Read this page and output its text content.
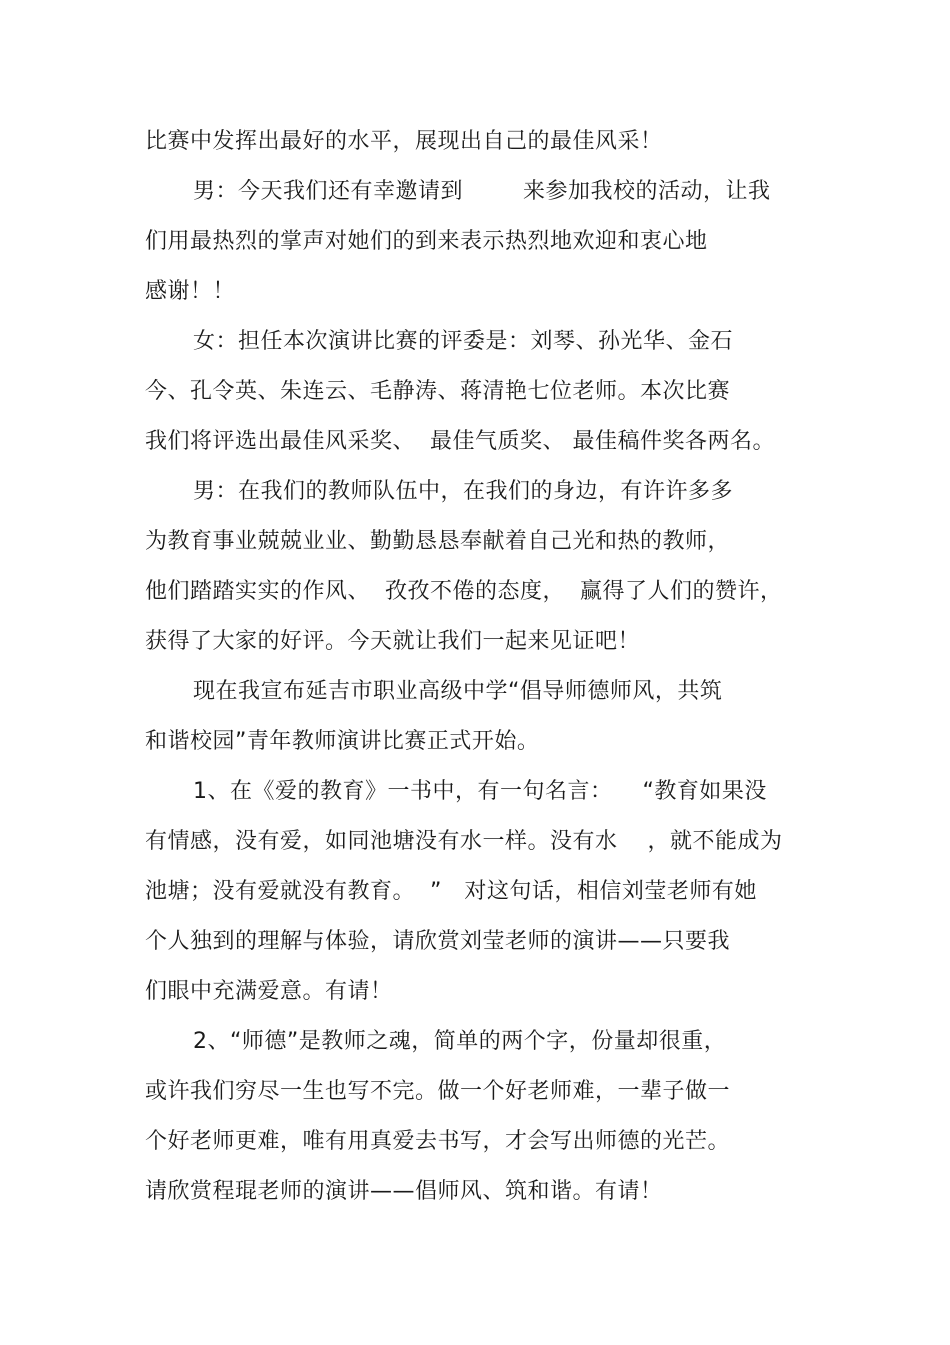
比赛中发挥出最好的水平，展现出自己的最佳风采！

男：今天我们还有幸邀请到        来参加我校的活动，让我

们用最热烈的掌声对她们的到来表示热烈地欢迎和衷心地

感谢！！

女：担任本次演讲比赛的评委是：刘琴、孙光华、金石

今、孔令英、朱连云、毛静涛、蒋清艳七位老师。本次比赛

我们将评选出最佳风采奖、  最佳气质奖、 最佳稿件奖各两名。

男：在我们的教师队伍中，在我们的身边，有许许多多

为教育事业兢兢业业、勤勤恳恳奉献着自己光和热的教师，

他们踏踏实实的作风、  孜孜不倦的态度，  赢得了人们的赞许，

获得了大家的好评。今天就让我们一起来见证吧！

现在我宣布延吉市职业高级中学“倡导师德师风，共筑

和谐校园”青年教师演讲比赛正式开始。

1、在《爱的教育》一书中，有一句名言：    “教育如果没

有情感，没有爱，如同池塘没有水一样。没有水    ，就不能成为

池塘；没有爱就没有教育。  ”   对这句话，相信刘莹老师有她

个人独到的理解与体验，请欣赏刘莹老师的演讲——只要我

们眼中充满爱意。有请！

2、“师德”是教师之魂，简单的两个字，份量却很重，

或许我们穷尽一生也写不完。做一个好老师难，一辈子做一

个好老师更难，唯有用真爱去书写，才会写出师德的光芒。

请欣赏程琨老师的演讲——倡师风、筑和谐。有请！
